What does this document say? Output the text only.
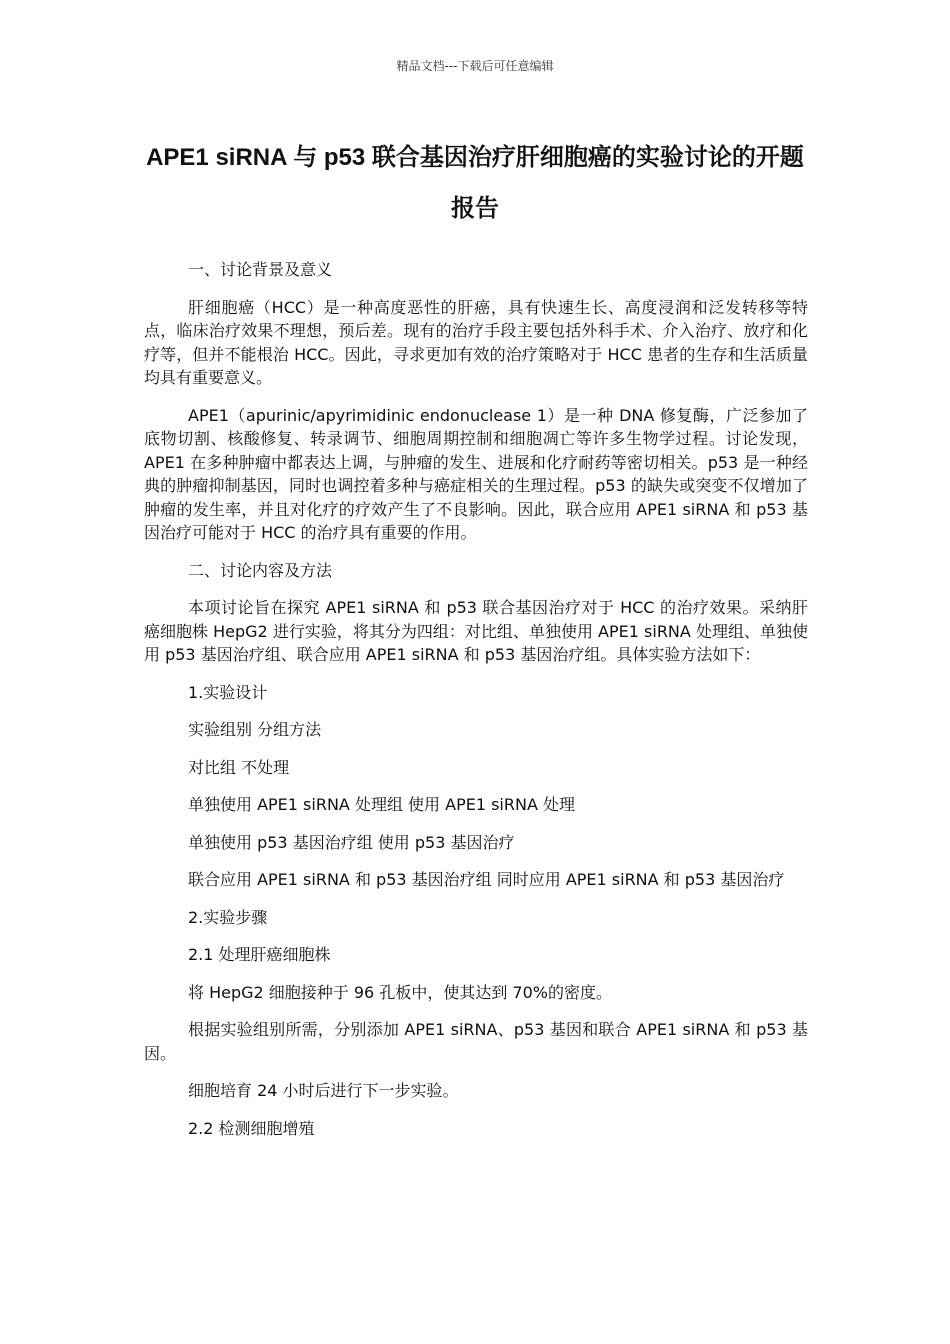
精品文档---下载后可任意编辑
APE1 siRNA 与 p53 联合基因治疗肝细胞癌的实验讨论的开题报告

一、讨论背景及意义

肝细胞癌（HCC）是一种高度恶性的肝癌，具有快速生长、高度浸润和泛发转移等特点，临床治疗效果不理想，预后差。现有的治疗手段主要包括外科手术、介入治疗、放疗和化疗等，但并不能根治 HCC。因此，寻求更加有效的治疗策略对于 HCC 患者的生存和生活质量均具有重要意义。

APE1（apurinic/apyrimidinic endonuclease 1）是一种 DNA 修复酶，广泛参加了底物切割、核酸修复、转录调节、细胞周期控制和细胞凋亡等许多生物学过程。讨论发现，APE1 在多种肿瘤中都表达上调，与肿瘤的发生、进展和化疗耐药等密切相关。p53 是一种经典的肿瘤抑制基因，同时也调控着多种与癌症相关的生理过程。p53 的缺失或突变不仅增加了肿瘤的发生率，并且对化疗的疗效产生了不良影响。因此，联合应用 APE1 siRNA 和 p53 基因治疗可能对于 HCC 的治疗具有重要的作用。

二、讨论内容及方法

本项讨论旨在探究 APE1 siRNA 和 p53 联合基因治疗对于 HCC 的治疗效果。采纳肝癌细胞株 HepG2 进行实验，将其分为四组：对比组、单独使用 APE1 siRNA 处理组、单独使用 p53 基因治疗组、联合应用 APE1 siRNA 和 p53 基因治疗组。具体实验方法如下：

1.实验设计

实验组别 分组方法

对比组 不处理

单独使用 APE1 siRNA 处理组 使用 APE1 siRNA 处理

单独使用 p53 基因治疗组 使用 p53 基因治疗

联合应用 APE1 siRNA 和 p53 基因治疗组 同时应用 APE1 siRNA 和 p53 基因治疗

2.实验步骤

2.1 处理肝癌细胞株

将 HepG2 细胞接种于 96 孔板中，使其达到 70%的密度。

根据实验组别所需，分别添加 APE1 siRNA、p53 基因和联合 APE1 siRNA 和 p53 基因。

细胞培育 24 小时后进行下一步实验。

2.2 检测细胞增殖
